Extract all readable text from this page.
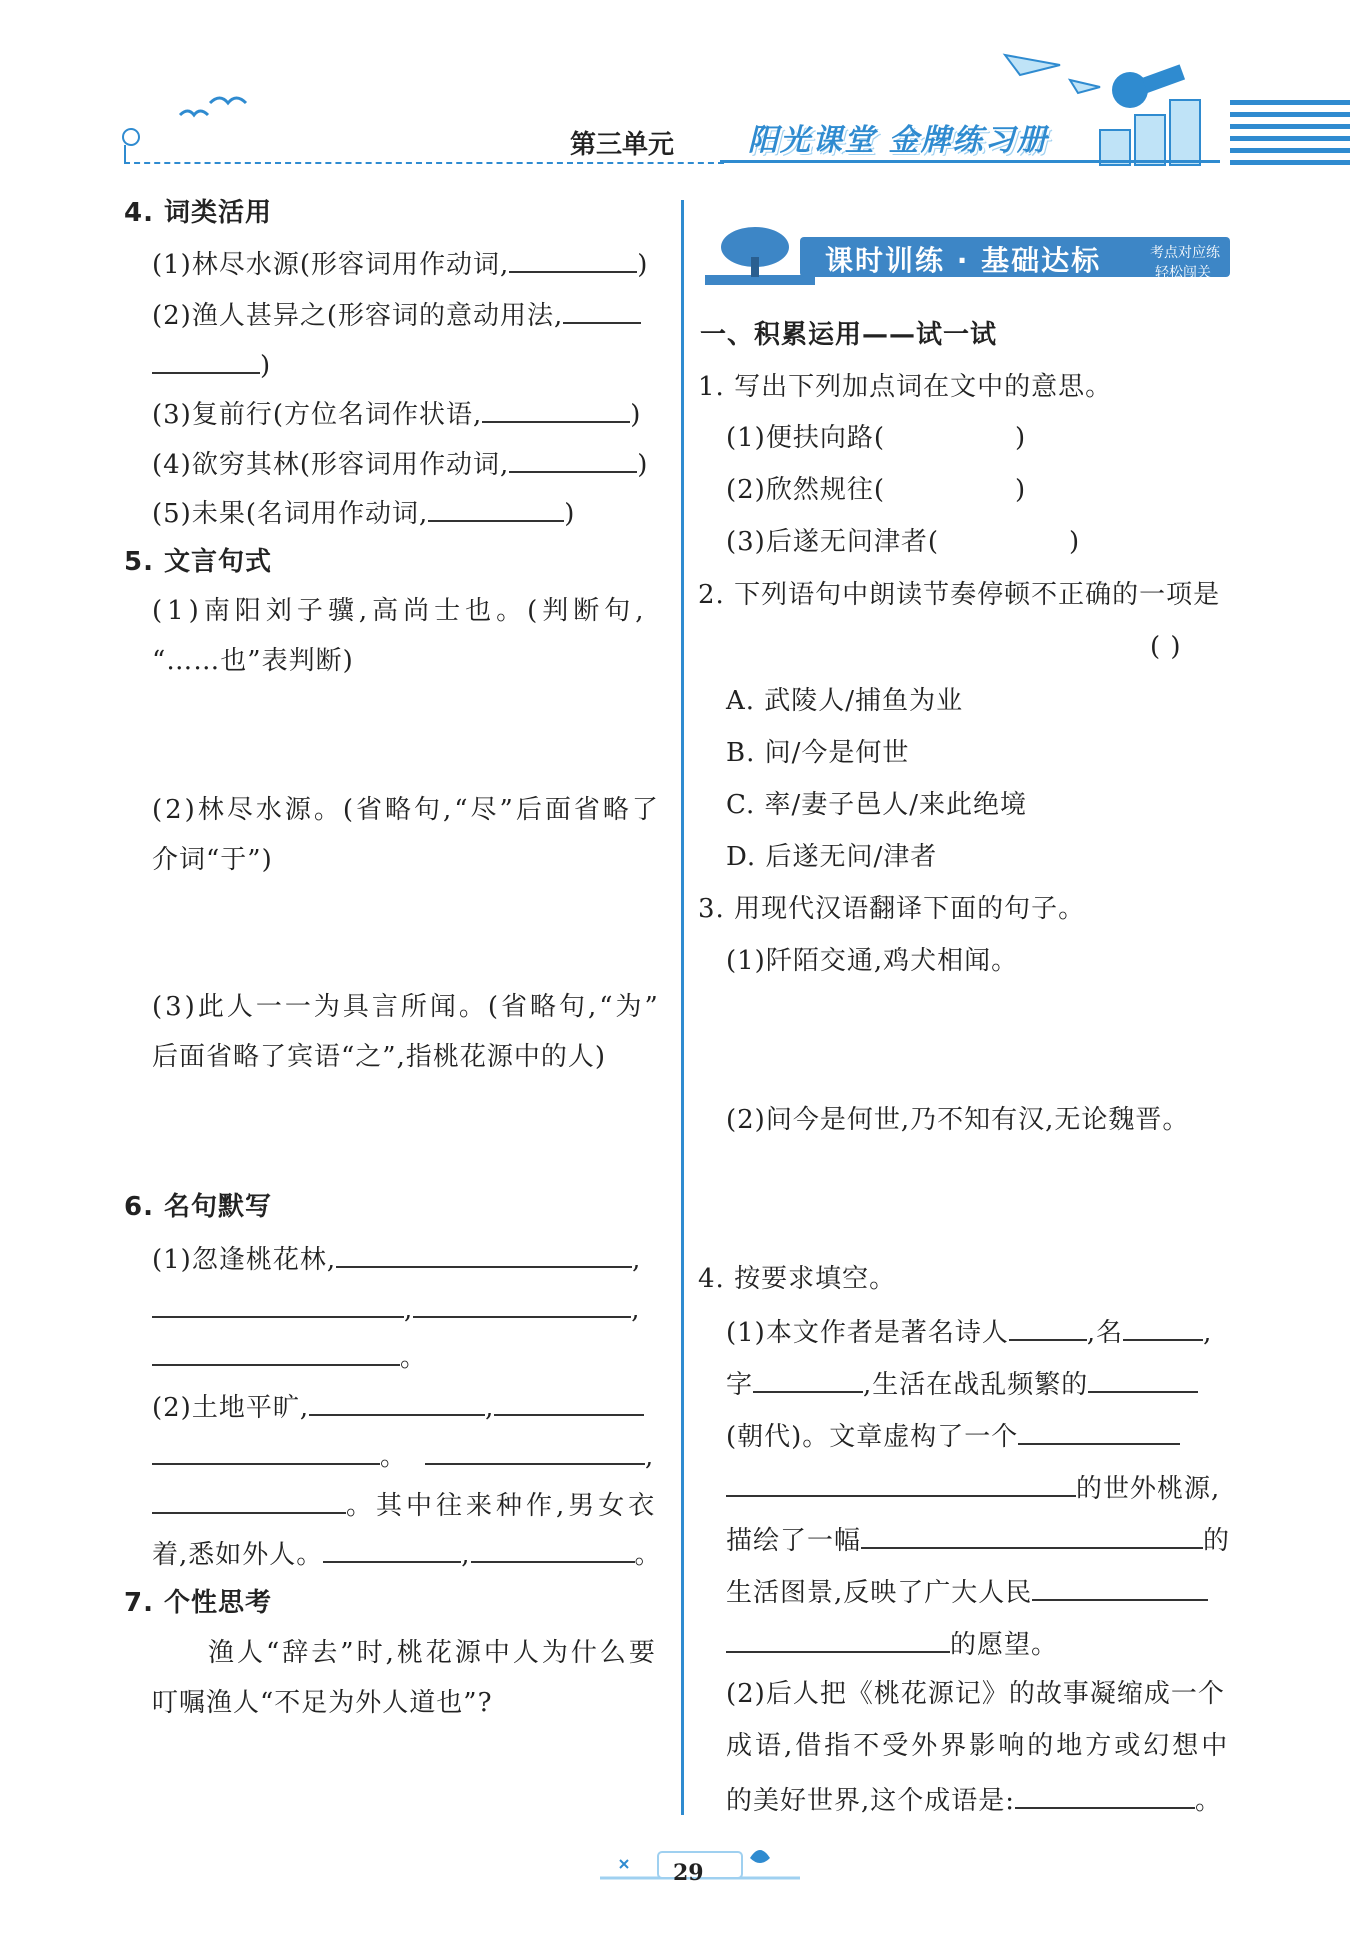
第三单元 阳光课堂 金牌练习册
4. 词类活用
(1)林尽水源(形容词用作动词,	)
(2)渔人甚异之(形容词的意动用法,
)
(3)复前行(方位名词作状语,	)
(4)欲穷其林(形容词用作动词,	)
(5)未果(名词用作动词,	)
5. 文言句式
(1)南阳刘子骥,高尚士也。(判断句,
“……也”表判断)
(2)林尽水源。(省略句,“尽”后面省略了
介词“于”)
(3)此人一一为具言所闻。(省略句,“为”
后面省略了宾语“之”,指桃花源中的人)
6. 名句默写
(1)忽逢桃花林,	,
,	,
。
(2)土地平旷,	,
。	,
。其中往来种作,男女衣
着,悉如外人。	,	。
7. 个性思考
渔人“辞去”时,桃花源中人为什么要
叮嘱渔人“不足为外人道也”?
课时训练 · 基础达标	考点对应练
轻松闯关
一、积累运用——试一试
1. 写出下列加点词在文中的意思。
(1)便扶向路(	)
(2)欣然规往(	)
(3)后遂无问津者(	)
2. 下列语句中朗读节奏停顿不正确的一项是
( )
A. 武陵人/捕鱼为业
B. 问/今是何世
C. 率/妻子邑人/来此绝境
D. 后遂无问/津者
3. 用现代汉语翻译下面的句子。
(1)阡陌交通,鸡犬相闻。
(2)问今是何世,乃不知有汉,无论魏晋。
4. 按要求填空。
(1)本文作者是著名诗人	,名	,
字	,生活在战乱频繁的
(朝代)。文章虚构了一个
的世外桃源,
描绘了一幅	的
生活图景,反映了广大人民
的愿望。
(2)后人把《桃花源记》的故事凝缩成一个
成语,借指不受外界影响的地方或幻想中
的美好世界,这个成语是:	。
29
